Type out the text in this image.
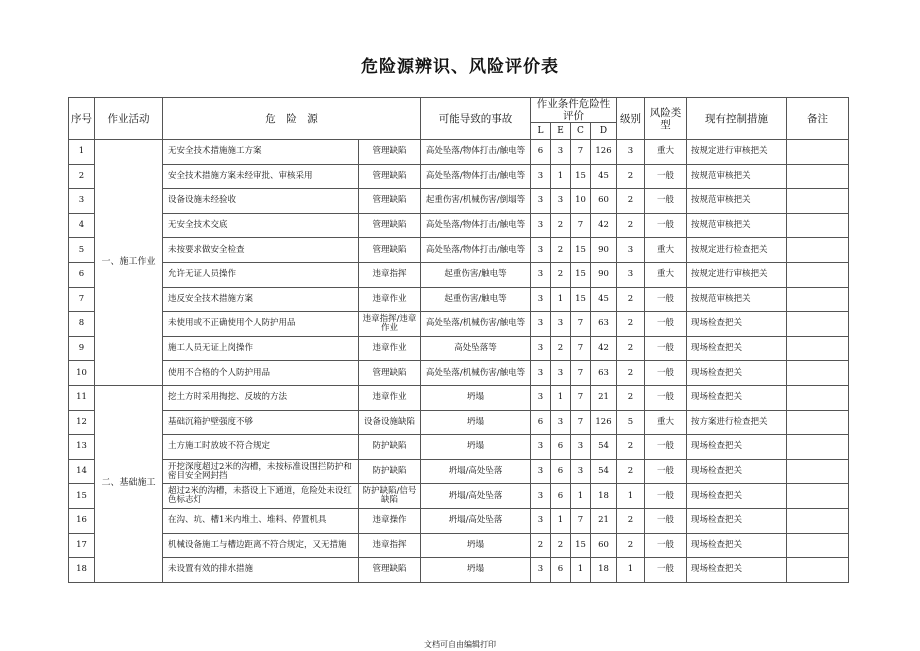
危险源辨识、风险评价表
序号	作业活动	危　险　源		可能导致的事故	作业条件危险性评价				级别	风险类型	现有控制措施	备注
					L	E	C	D				
1	一、施工作业	无安全技术措施施工方案	管理缺陷	高处坠落/物体打击/触电等	6	3	7	126	3	重大	按规定进行审核把关	
2		安全技术措施方案未经审批、审核采用	管理缺陷	高处坠落/物体打击/触电等	3	1	15	45	2	一般	按规范审核把关	
3		设备设施未经验收	管理缺陷	起重伤害/机械伤害/倒塌等	3	3	10	60	2	一般	按规范审核把关	
4		无安全技术交底	管理缺陷	高处坠落/物体打击/触电等	3	2	7	42	2	一般	按规范审核把关	
5		未按要求做安全检查	管理缺陷	高处坠落/物体打击/触电等	3	2	15	90	3	重大	按规定进行检查把关	
6		允许无证人员操作	违章指挥	起重伤害/触电等	3	2	15	90	3	重大	按规定进行审核把关	
7		违反安全技术措施方案	违章作业	起重伤害/触电等	3	1	15	45	2	一般	按规范审核把关	
8		未使用或不正确使用个人防护用品	违章指挥/违章作业	高处坠落/机械伤害/触电等	3	3	7	63	2	一般	现场检查把关	
9		施工人员无证上岗操作	违章作业	高处坠落等	3	2	7	42	2	一般	现场检查把关	
10		使用不合格的个人防护用品	管理缺陷	高处坠落/机械伤害/触电等	3	3	7	63	2	一般	现场检查把关	
11	二、基础施工	挖土方时采用掏挖、反坡的方法	违章作业	坍塌	3	1	7	21	2	一般	现场检查把关	
12		基础沉箱护壁强度不够	设备设施缺陷	坍塌	6	3	7	126	5	重大	按方案进行检查把关	
13		土方施工时放坡不符合规定	防护缺陷	坍塌	3	6	3	54	2	一般	现场检查把关	
14		开挖深度超过2米的沟槽，未按标准设围拦防护和密目安全网封挡	防护缺陷	坍塌/高处坠落	3	6	3	54	2	一般	现场检查把关	
15		超过2米的沟槽，未搭设上下通道，危险处未设红色标志灯	防护缺陷/信号缺陷	坍塌/高处坠落	3	6	1	18	1	一般	现场检查把关	
16		在沟、坑、槽1米内堆土、堆料、停置机具	违章操作	坍塌/高处坠落	3	1	7	21	2	一般	现场检查把关	
17		机械设备施工与槽边距离不符合规定，又无措施	违章指挥	坍塌	2	2	15	60	2	一般	现场检查把关	
18		未设置有效的排水措施	管理缺陷	坍塌	3	6	1	18	1	一般	现场检查把关	
文档可自由编辑打印
